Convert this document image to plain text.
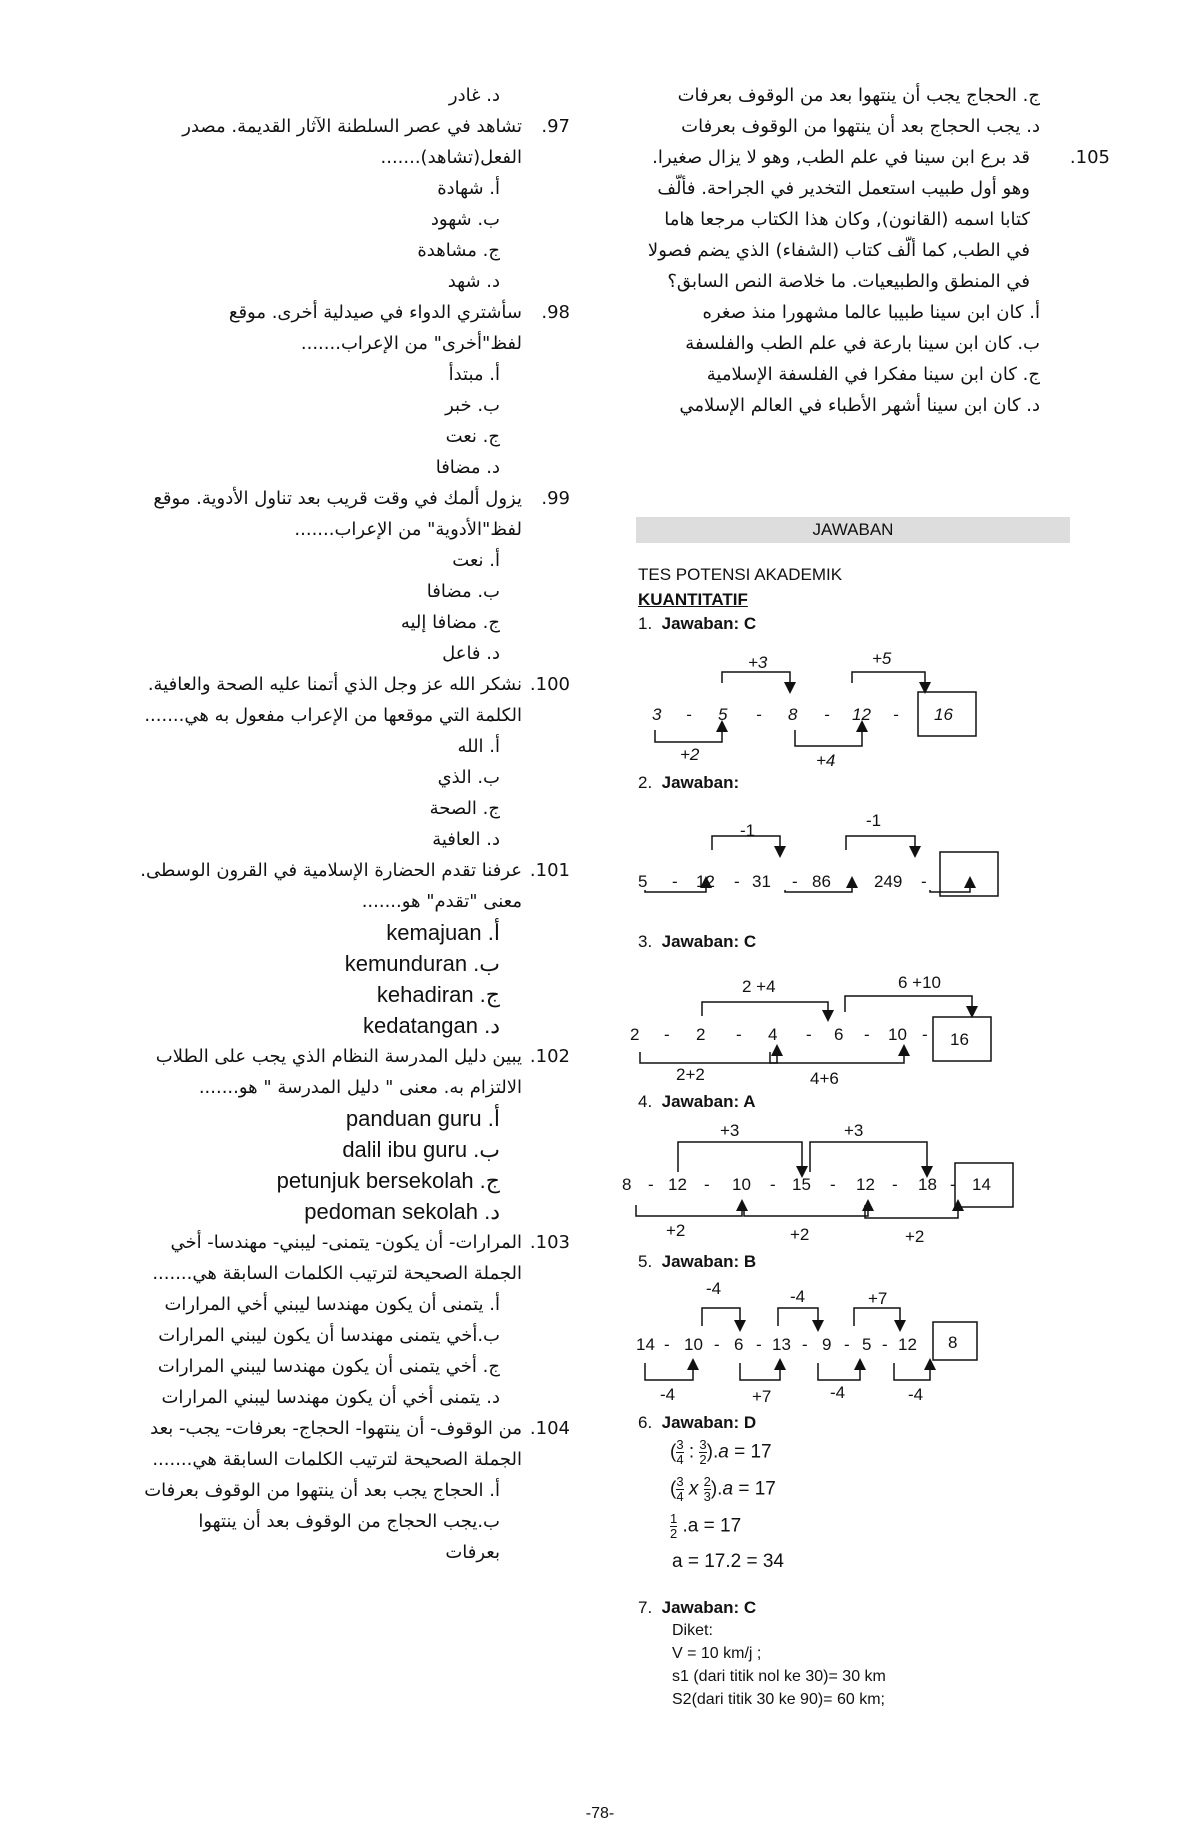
د. غادر
.97
تشاهد في عصر السلطنة الآثار القديمة. مصدر الفعل(تشاهد).......
أ. شهادة
ب. شهود
ج. مشاهدة
د. شهد
.98
سأشتري الدواء في صيدلية أخرى. موقع لفظ"أخرى" من الإعراب.......
أ. مبتدأ
ب. خبر
ج. نعت
د. مضافا
.99
يزول ألمك في وقت قريب بعد تناول الأدوية. موقع لفظ"الأدوية" من الإعراب.......
أ. نعت
ب. مضافا
ج. مضافا إليه
د. فاعل
.100
نشكر الله عز وجل الذي أتمنا عليه الصحة والعافية. الكلمة التي موقعها من الإعراب مفعول به هي.......
أ. الله
ب. الذي
ج. الصحة
د. العافية
.101
عرفنا تقدم الحضارة الإسلامية في القرون الوسطى. معنى "تقدم" هو.......
أ. kemajuan
ب. kemunduran
ج. kehadiran
د. kedatangan
.102
يبين دليل المدرسة النظام الذي يجب على الطلاب الالتزام به. معنى " دليل المدرسة " هو.......
أ. panduan guru
ب. dalil ibu guru
ج. petunjuk bersekolah
د. pedoman sekolah
.103
المرارات- أن يكون- يتمنى- ليبني- مهندسا- أخي الجملة الصحيحة لترتيب الكلمات السابقة هي.......
أ. يتمنى أن يكون مهندسا ليبني أخي المرارات
ب.أخي يتمنى مهندسا أن يكون ليبني المرارات
ج. أخي يتمنى أن يكون مهندسا ليبني المرارات
د. يتمنى أخي أن يكون مهندسا ليبني المرارات
.104
من الوقوف- أن ينتهوا- الحجاج- بعرفات- يجب- بعد الجملة الصحيحة لترتيب الكلمات السابقة هي.......
أ. الحجاج يجب بعد أن ينتهوا من الوقوف بعرفات
ب.يجب الحجاج من الوقوف بعد أن ينتهوا بعرفات
ج. الحجاج يجب أن ينتهوا بعد من الوقوف بعرفات
د. يجب الحجاج بعد أن ينتهوا من الوقوف بعرفات
.105
قد برع ابن سينا في علم الطب, وهو لا يزال صغيرا. وهو أول طبيب استعمل التخدير في الجراحة. فألّف كتابا اسمه (القانون), وكان هذا الكتاب مرجعا هاما في الطب, كما ألّف كتاب (الشفاء) الذي يضم فصولا في المنطق والطبيعيات. ما خلاصة النص السابق؟
أ. كان ابن سينا طبيبا عالما مشهورا منذ صغره
ب. كان ابن سينا بارعة في علم الطب والفلسفة
ج. كان ابن سينا مفكرا في الفلسفة الإسلامية
د. كان ابن سينا أشهر الأطباء في العالم الإسلامي
JAWABAN
TES POTENSI AKADEMIK
KUANTITATIF
1. Jawaban: C
2. Jawaban:
3. Jawaban: C
4. Jawaban: A
5. Jawaban: B
6. Jawaban: D
7. Jawaban: C
( $\frac{3}{4}$ : $\frac{3}{2} ).a = 17$
( $\frac{3}{4}$ x $\frac{2}{3} ).a = 17$
$\frac{1}{2} .a = 17$
a = 17.2 = 34
Diket:
V = 10 km/j ;
s1 (dari titik nol ke 30)= 30 km
S2(dari titik 30 ke 90)= 60 km;
3 - 5 - 8 - 12 - 16
+3	+5
+2	+4
5 - 12 - 31 - 86	249 -
-1
-1
2 - 2 - 4 - 6 - 10 - 16
2 +4	6 +10
2+2	4+6
8 - 12 - 10 - 15 - 12 - 18 - 14
+3	+3
+2	+2	+2
14 - 10 - 6 - 13 - 9 - 5 - 12 8
-4	-4	+7
-4	+7	-4	-4
-78-
